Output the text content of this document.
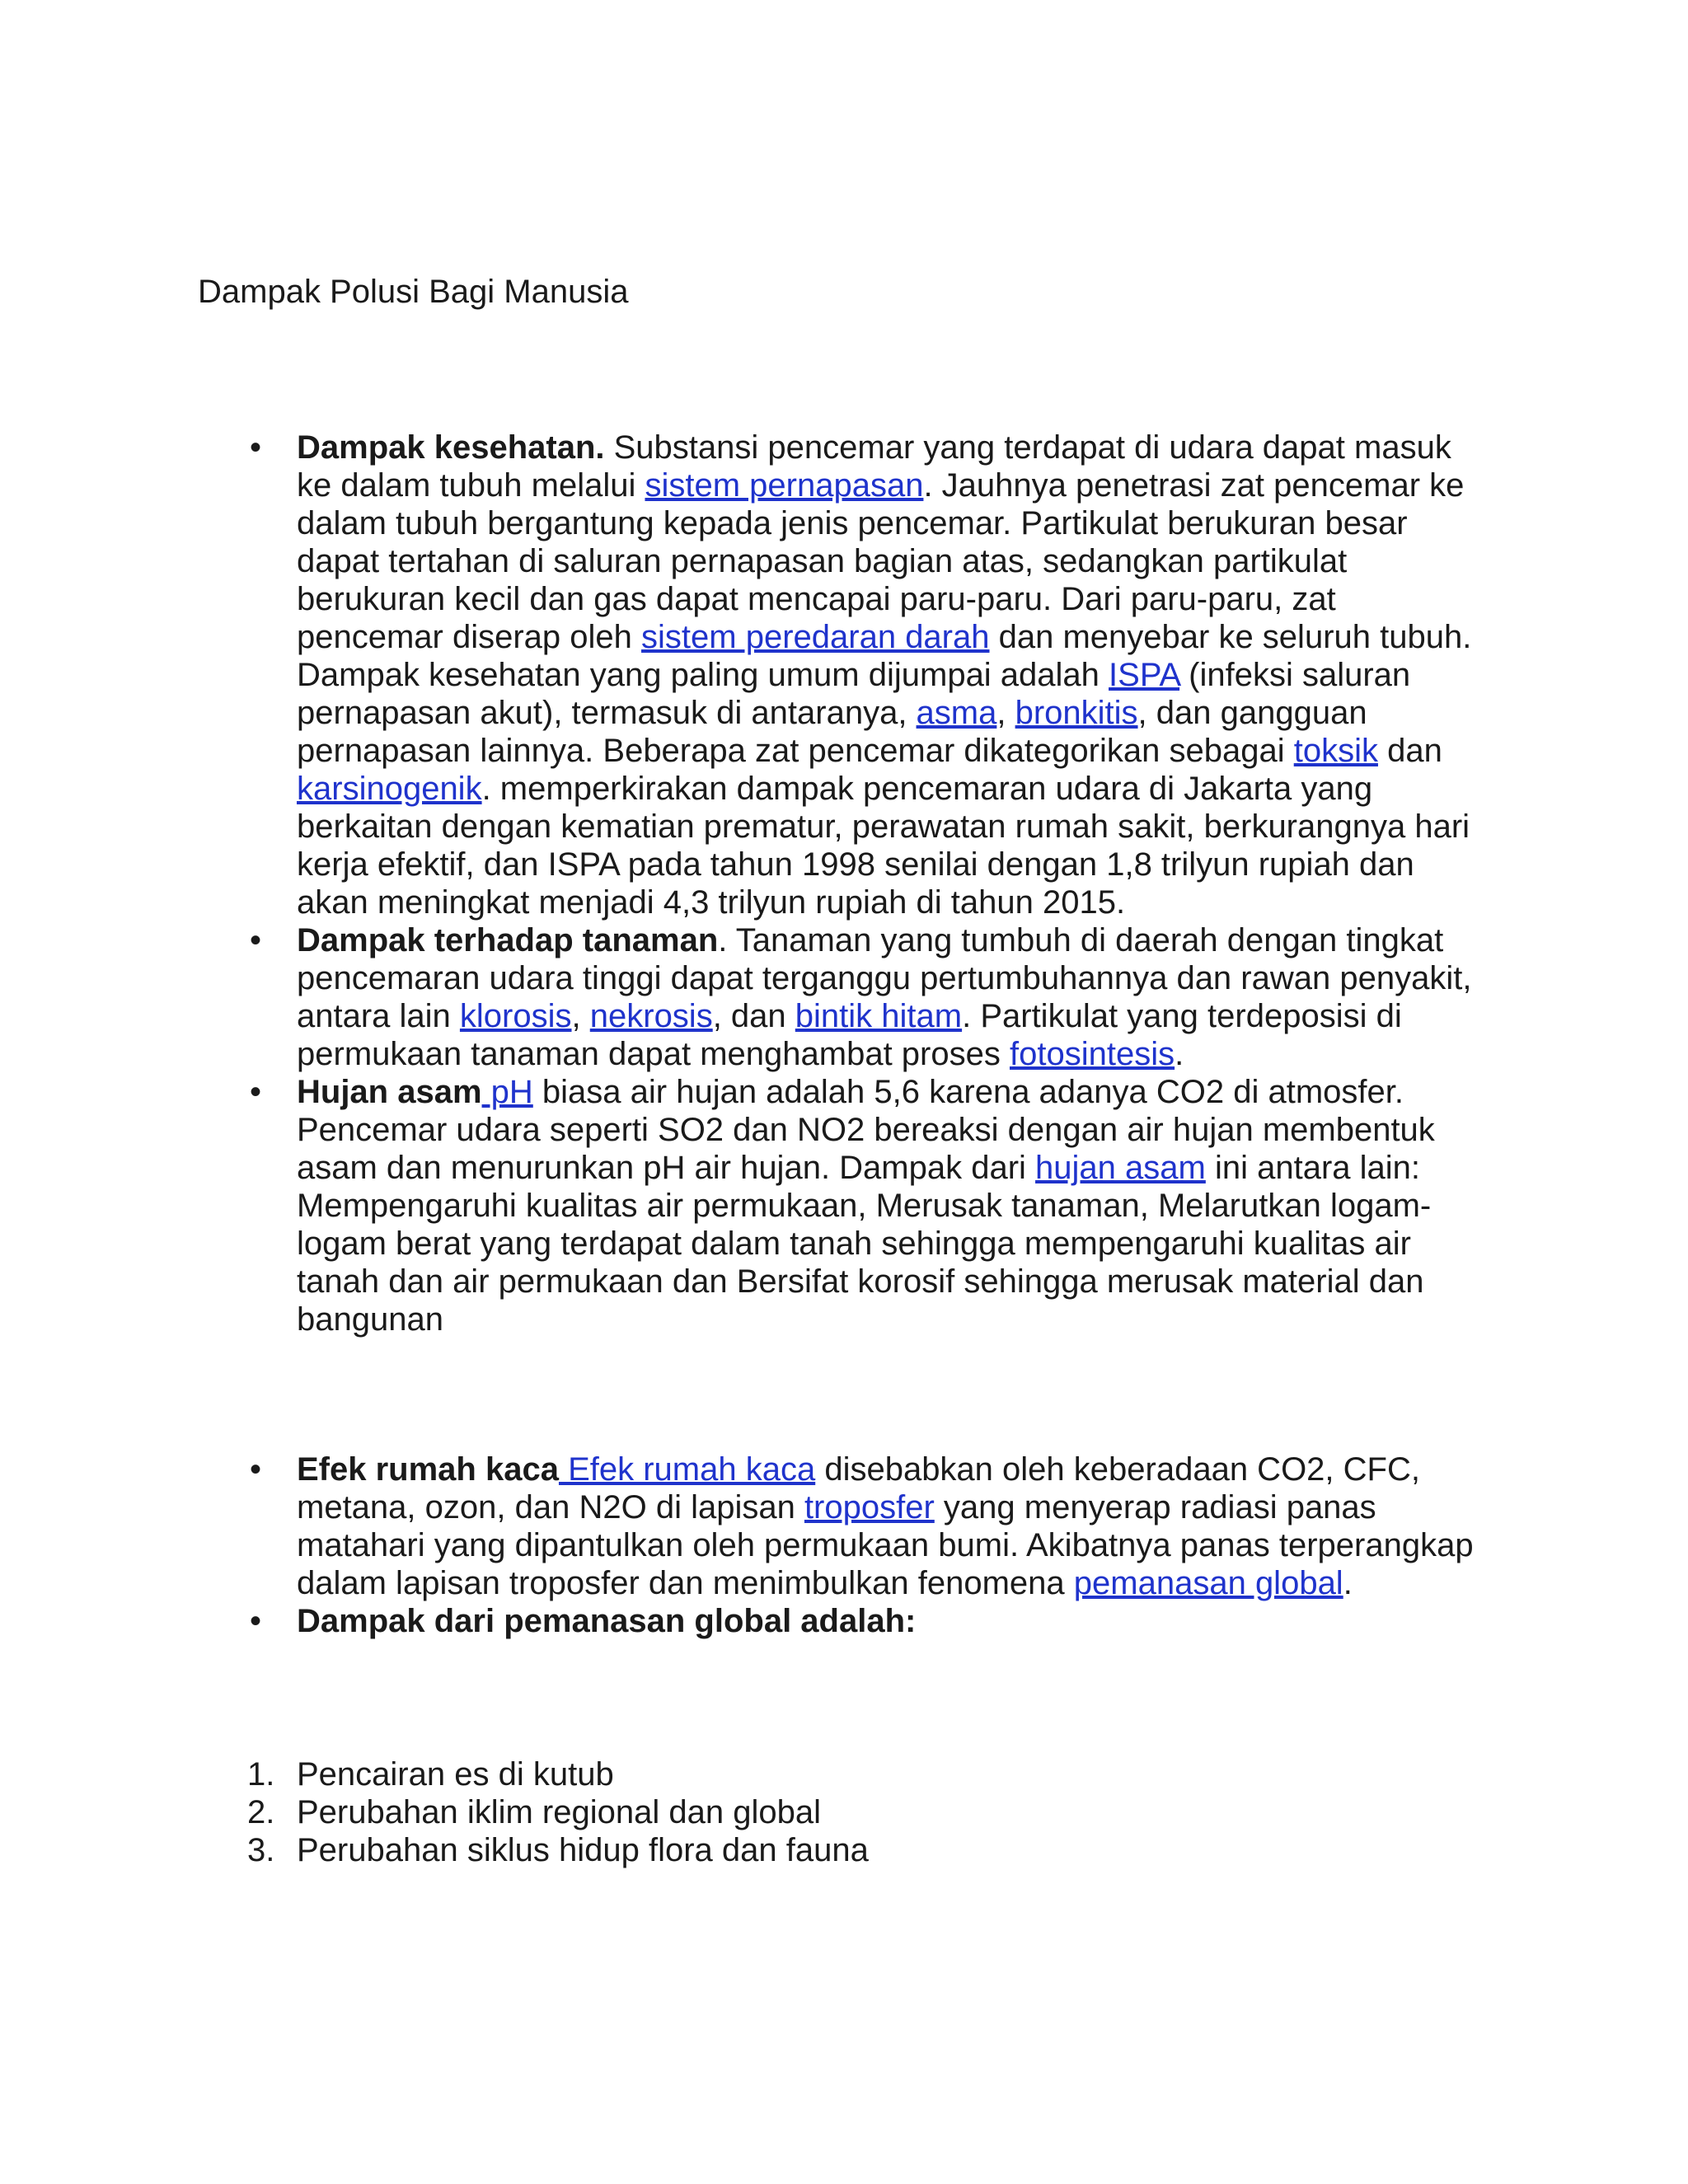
Dampak Polusi Bagi Manusia
• Dampak kesehatan. Substansi pencemar yang terdapat di udara dapat masuk ke dalam tubuh melalui sistem pernapasan. Jauhnya penetrasi zat pencemar ke dalam tubuh bergantung kepada jenis pencemar. Partikulat berukuran besar dapat tertahan di saluran pernapasan bagian atas, sedangkan partikulat berukuran kecil dan gas dapat mencapai paru-paru. Dari paru-paru, zat pencemar diserap oleh sistem peredaran darah dan menyebar ke seluruh tubuh. Dampak kesehatan yang paling umum dijumpai adalah ISPA (infeksi saluran pernapasan akut), termasuk di antaranya, asma, bronkitis, dan gangguan pernapasan lainnya. Beberapa zat pencemar dikategorikan sebagai toksik dan karsinogenik. memperkirakan dampak pencemaran udara di Jakarta yang berkaitan dengan kematian prematur, perawatan rumah sakit, berkurangnya hari kerja efektif, dan ISPA pada tahun 1998 senilai dengan 1,8 trilyun rupiah dan akan meningkat menjadi 4,3 trilyun rupiah di tahun 2015.
• Dampak terhadap tanaman. Tanaman yang tumbuh di daerah dengan tingkat pencemaran udara tinggi dapat terganggu pertumbuhannya dan rawan penyakit, antara lain klorosis, nekrosis, dan bintik hitam. Partikulat yang terdeposisi di permukaan tanaman dapat menghambat proses fotosintesis.
• Hujan asam pH biasa air hujan adalah 5,6 karena adanya CO2 di atmosfer. Pencemar udara seperti SO2 dan NO2 bereaksi dengan air hujan membentuk asam dan menurunkan pH air hujan. Dampak dari hujan asam ini antara lain: Mempengaruhi kualitas air permukaan, Merusak tanaman, Melarutkan logam-logam berat yang terdapat dalam tanah sehingga mempengaruhi kualitas air tanah dan air permukaan dan Bersifat korosif sehingga merusak material dan bangunan
• Efek rumah kaca Efek rumah kaca disebabkan oleh keberadaan CO2, CFC, metana, ozon, dan N2O di lapisan troposfer yang menyerap radiasi panas matahari yang dipantulkan oleh permukaan bumi. Akibatnya panas terperangkap dalam lapisan troposfer dan menimbulkan fenomena pemanasan global.
• Dampak dari pemanasan global adalah:
1. Pencairan es di kutub
2. Perubahan iklim regional dan global
3. Perubahan siklus hidup flora dan fauna
